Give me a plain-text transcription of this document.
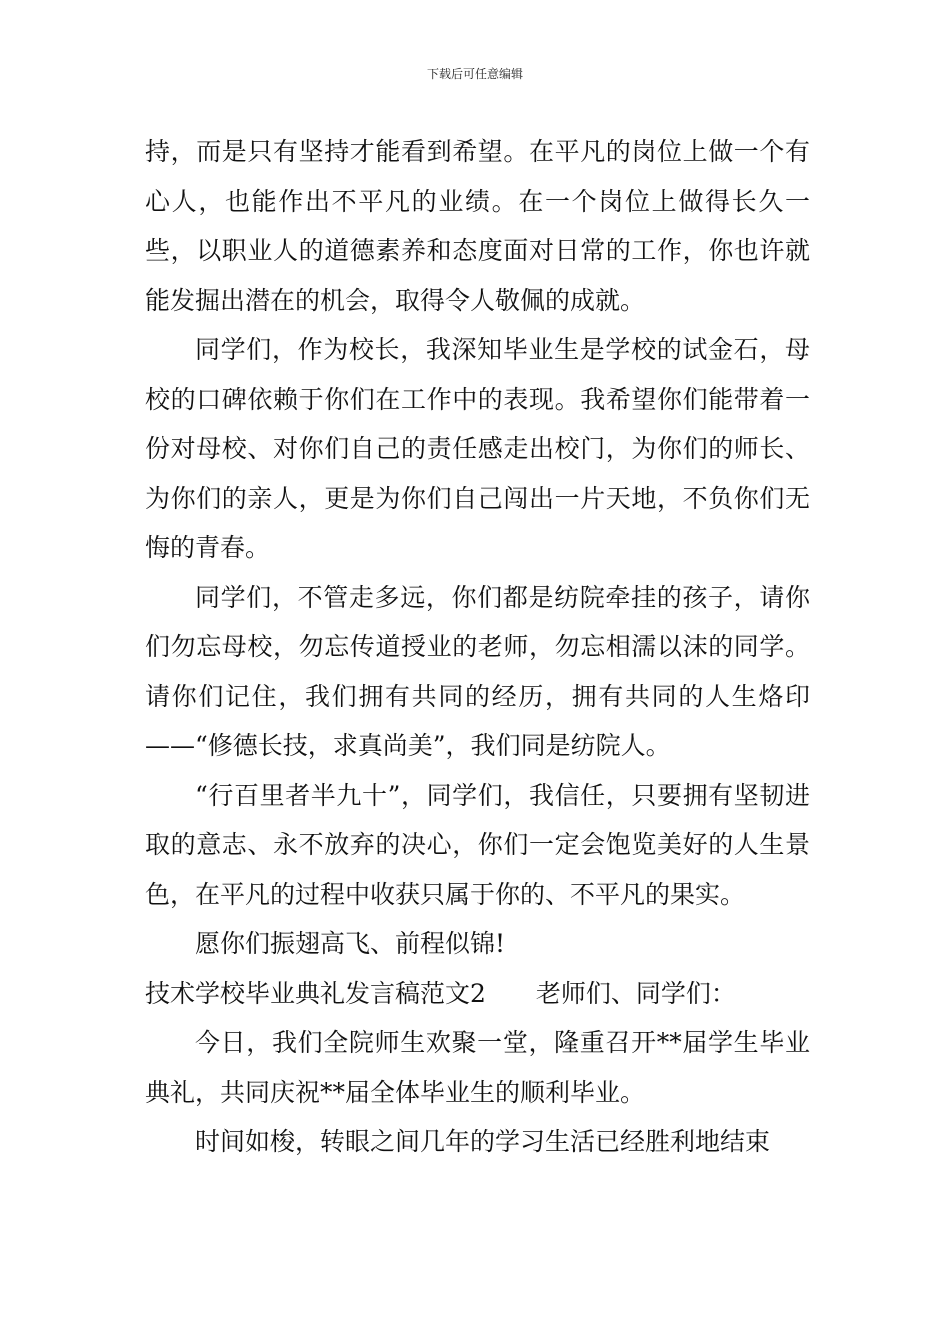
下载后可任意编辑

持，而是只有坚持才能看到希望。在平凡的岗位上做一个有心人，也能作出不平凡的业绩。在一个岗位上做得长久一些，以职业人的道德素养和态度面对日常的工作，你也许就能发掘出潜在的机会，取得令人敬佩的成就。

同学们，作为校长，我深知毕业生是学校的试金石，母校的口碑依赖于你们在工作中的表现。我希望你们能带着一份对母校、对你们自己的责任感走出校门，为你们的师长、为你们的亲人，更是为你们自己闯出一片天地，不负你们无悔的青春。

同学们，不管走多远，你们都是纺院牵挂的孩子，请你们勿忘母校，勿忘传道授业的老师，勿忘相濡以沫的同学。请你们记住，我们拥有共同的经历，拥有共同的人生烙印——“修德长技，求真尚美”，我们同是纺院人。

“行百里者半九十”，同学们，我信任，只要拥有坚韧进取的意志、永不放弃的决心，你们一定会饱览美好的人生景色，在平凡的过程中收获只属于你的、不平凡的果实。

愿你们振翅高飞、前程似锦!

技术学校毕业典礼发言稿范文2 老师们、同学们：

今日，我们全院师生欢聚一堂，隆重召开**届学生毕业典礼，共同庆祝**届全体毕业生的顺利毕业。

时间如梭，转眼之间几年的学习生活已经胜利地结束
